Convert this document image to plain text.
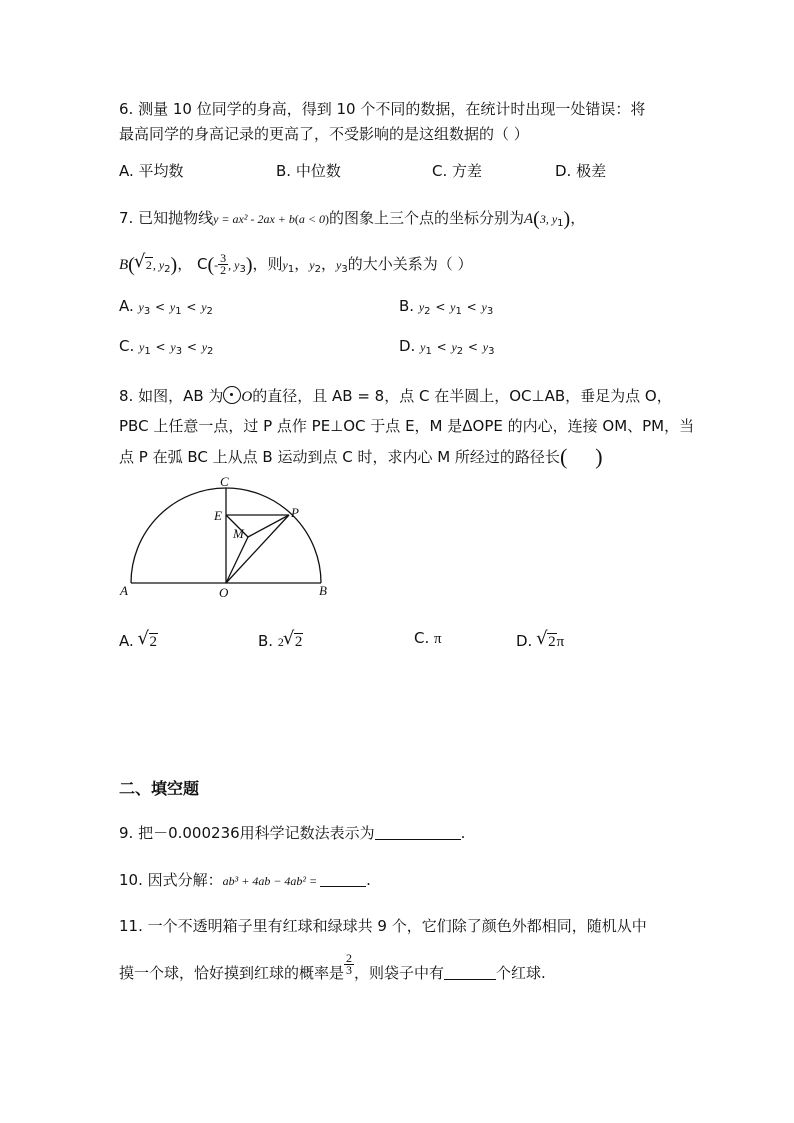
6. 测量 10 位同学的身高，得到 10 个不同的数据，在统计时出现一处错误：将
最高同学的身高记录的更高了，不受影响的是这组数据的（ ）
A. 平均数	B. 中位数	C. 方差	D. 极差
7. 已知抛物线y = ax² - 2ax + b(a < 0)的图象上三个点的坐标分别为A(3, $y_1$)，
B( √ 2, $y_2$)， $C(- \frac{3}{2}$ , $y_3$)，则$y_1$，$y_2$，$y_3$的大小关系为（ ）
A. $y_3 < y_1 < y_2$	B. $y_2 < y_1 < y_3$
C. $y_1 < y_3 < y_2$	D. $y_1 < y_2 < y_3$
8. 如图，AB 为 O的直径，且 AB = 8，点 C 在半圆上，OC⊥AB，垂足为点 O，
PBC 上任意一点，过 P 点作 PE⊥OC 于点 E，M 是ΔOPE 的内心，连接 OM、PM，当
点 P 在弧 BC 上从点 B 运动到点 C 时，求内心 M 所经过的路径长( )
C
E	P
M
A	O	B
A. √ 2	B. 2 √ 2	C. π	D. √ 2π
二、填空题
9. 把－0.000236用科学记数法表示为	.
10. 因式分解：ab³ + 4ab − 4ab² =	.
11. 一个不透明箱子里有红球和绿球共 9 个，它们除了颜色外都相同，随机从中
摸一个球，恰好摸到红球的概率是 $\frac{2}{3}$ ，则袋子中有	个红球.
